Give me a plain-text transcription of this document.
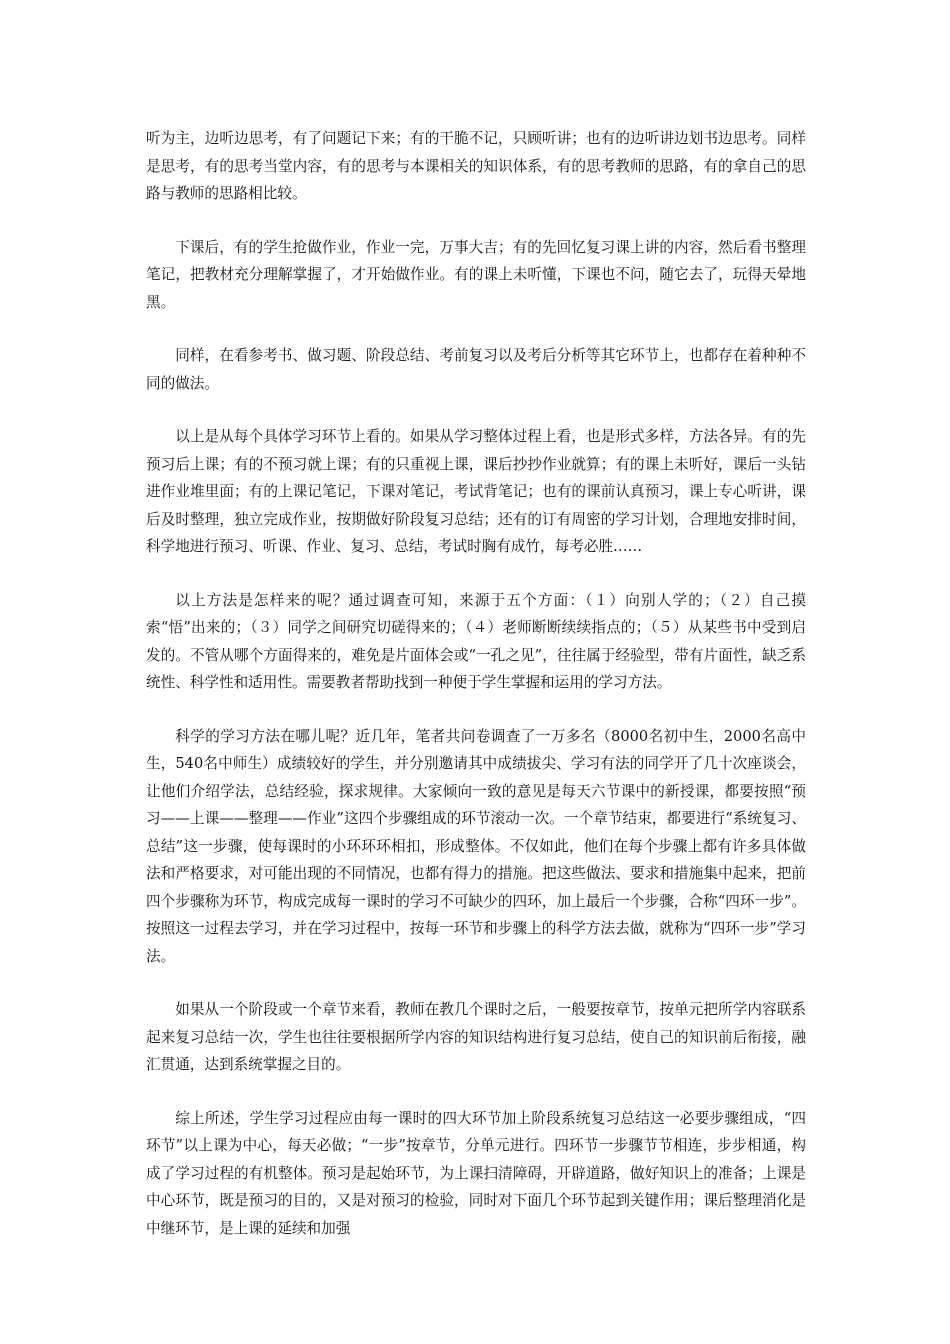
听为主，边听边思考，有了问题记下来；有的干脆不记，只顾听讲；也有的边听讲边划书边思考。同样是思考，有的思考当堂内容，有的思考与本课相关的知识体系，有的思考教师的思路，有的拿自己的思路与教师的思路相比较。

下课后，有的学生抢做作业，作业一完，万事大吉；有的先回忆复习课上讲的内容，然后看书整理笔记，把教材充分理解掌握了，才开始做作业。有的课上未听懂，下课也不问，随它去了，玩得天晕地黑。

同样，在看参考书、做习题、阶段总结、考前复习以及考后分析等其它环节上，也都存在着种种不同的做法。

以上是从每个具体学习环节上看的。如果从学习整体过程上看，也是形式多样，方法各异。有的先预习后上课；有的不预习就上课；有的只重视上课，课后抄抄作业就算；有的课上未听好，课后一头钻进作业堆里面；有的上课记笔记，下课对笔记，考试背笔记；也有的课前认真预习，课上专心听讲，课后及时整理，独立完成作业，按期做好阶段复习总结；还有的订有周密的学习计划，合理地安排时间，科学地进行预习、听课、作业、复习、总结，考试时胸有成竹，每考必胜……

以上方法是怎样来的呢？通过调查可知，来源于五个方面：（１）向别人学的；（２）自己摸索“悟”出来的；（３）同学之间研究切磋得来的；（４）老师断断续续指点的；（５）从某些书中受到启发的。不管从哪个方面得来的，难免是片面体会或“一孔之见”，往往属于经验型，带有片面性，缺乏系统性、科学性和适用性。需要教者帮助找到一种便于学生掌握和运用的学习方法。

科学的学习方法在哪儿呢？近几年，笔者共问卷调查了一万多名（8000名初中生，2000名高中生，540名中师生）成绩较好的学生，并分别邀请其中成绩拔尖、学习有法的同学开了几十次座谈会，让他们介绍学法，总结经验，探求规律。大家倾向一致的意见是每天六节课中的新授课，都要按照“预习——上课——整理——作业”这四个步骤组成的环节滚动一次。一个章节结束，都要进行“系统复习、总结”这一步骤，使每课时的小环环环相扣，形成整体。不仅如此，他们在每个步骤上都有许多具体做法和严格要求，对可能出现的不同情况，也都有得力的措施。把这些做法、要求和措施集中起来，把前四个步骤称为环节，构成完成每一课时的学习不可缺少的四环，加上最后一个步骤，合称“四环一步”。按照这一过程去学习，并在学习过程中，按每一环节和步骤上的科学方法去做，就称为“四环一步”学习法。

如果从一个阶段或一个章节来看，教师在教几个课时之后，一般要按章节，按单元把所学内容联系起来复习总结一次，学生也往往要根据所学内容的知识结构进行复习总结，使自己的知识前后衔接，融汇贯通，达到系统掌握之目的。

综上所述，学生学习过程应由每一课时的四大环节加上阶段系统复习总结这一必要步骤组成，“四环节”以上课为中心，每天必做；“一步”按章节，分单元进行。四环节一步骤节节相连，步步相通，构成了学习过程的有机整体。预习是起始环节，为上课扫清障碍，开辟道路，做好知识上的准备；上课是中心环节，既是预习的目的，又是对预习的检验，同时对下面几个环节起到关键作用；课后整理消化是中继环节，是上课的延续和加强
